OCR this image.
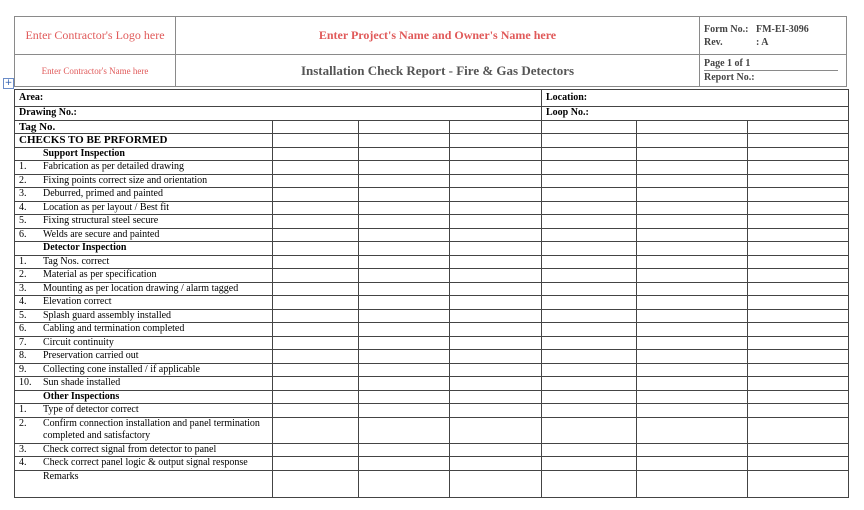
Enter Contractor's Logo here	Enter Project's Name and Owner's Name here	Form No.: FM-EI-3096
Rev. : A

Enter Contractor's Name here	Installation Check Report - Fire & Gas Detectors	Page 1 of 1
Report No.:
+
Area:				Location:		
Drawing No.:				Loop No.:		
Tag No.						
CHECKS TO BE PRFORMED						
Support Inspection						
1. Fabrication as per detailed drawing						
2. Fixing points correct size and orientation						
3. Deburred, primed and painted						
4. Location as per layout / Best fit						
5. Fixing structural steel secure						
6. Welds are secure and painted						
Detector Inspection						
1. Tag Nos. correct						
2. Material as per specification						
3. Mounting as per location drawing / alarm tagged						
4. Elevation correct						
5. Splash guard assembly installed						
6. Cabling and termination completed						
7. Circuit continuity						
8. Preservation carried out						
9. Collecting cone installed / if applicable						
10. Sun shade installed						
Other Inspections						
1. Type of detector correct						

2. Confirm connection installation and panel termination completed and satisfactory						

3. Check correct signal from detector to panel						
4. Check correct panel logic & output signal response						
Remarks						
